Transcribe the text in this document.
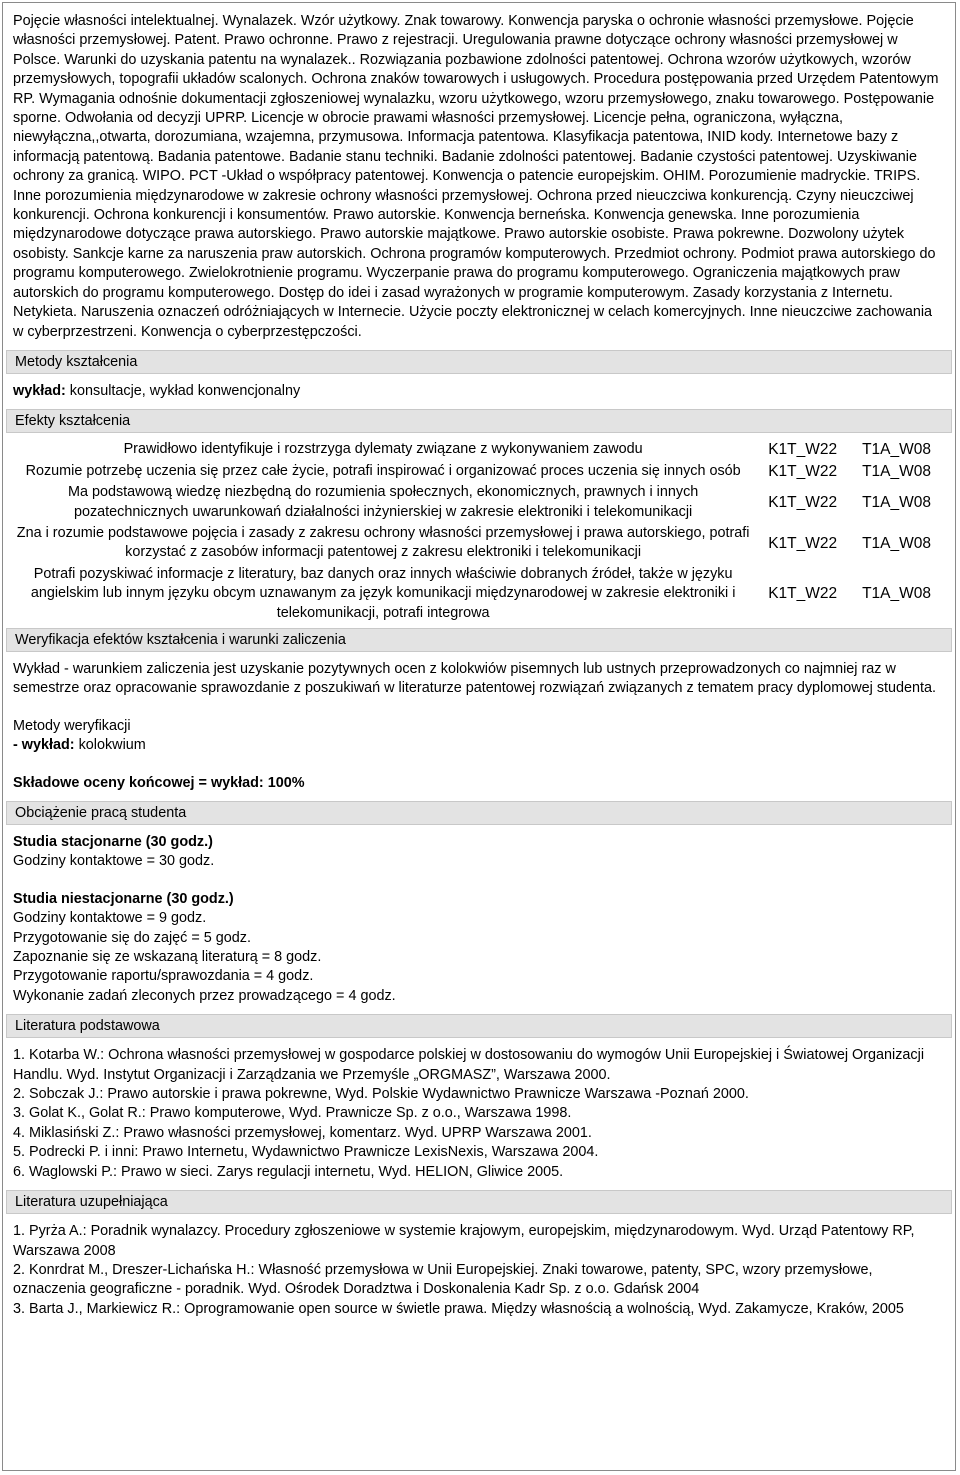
Pojęcie własności intelektualnej. Wynalazek. Wzór użytkowy. Znak towarowy. Konwencja paryska o ochronie własności przemysłowe. Pojęcie własności przemysłowej. Patent. Prawo ochronne. Prawo z rejestracji. Uregulowania prawne dotyczące ochrony własności przemysłowej w Polsce. Warunki do uzyskania patentu na wynalazek.. Rozwiązania pozbawione zdolności patentowej. Ochrona wzorów użytkowych, wzorów przemysłowych, topografii układów scalonych. Ochrona znaków towarowych i usługowych. Procedura postępowania przed Urzędem Patentowym RP. Wymagania odnośnie dokumentacji zgłoszeniowej wynalazku, wzoru użytkowego, wzoru przemysłowego, znaku towarowego. Postępowanie sporne. Odwołania od decyzji UPRP. Licencje w obrocie prawami własności przemysłowej. Licencje pełna, ograniczona, wyłączna, niewyłączna,,otwarta, dorozumiana, wzajemna, przymusowa. Informacja patentowa. Klasyfikacja patentowa, INID kody. Internetowe bazy z informacją patentową. Badania patentowe. Badanie stanu techniki. Badanie zdolności patentowej. Badanie czystości patentowej. Uzyskiwanie ochrony za granicą. WIPO. PCT -Układ o współpracy patentowej. Konwencja o patencie europejskim. OHIM. Porozumienie madryckie. TRIPS. Inne porozumienia międzynarodowe w zakresie ochrony własności przemysłowej. Ochrona przed nieuczciwa konkurencją. Czyny nieuczciwej konkurencji. Ochrona konkurencji i konsumentów. Prawo autorskie. Konwencja berneńska. Konwencja genewska. Inne porozumienia międzynarodowe dotyczące prawa autorskiego. Prawo autorskie majątkowe. Prawo autorskie osobiste. Prawa pokrewne. Dozwolony użytek osobisty. Sankcje karne za naruszenia praw autorskich. Ochrona programów komputerowych. Przedmiot ochrony. Podmiot prawa autorskiego do programu komputerowego. Zwielokrotnienie programu. Wyczerpanie prawa do programu komputerowego. Ograniczenia majątkowych praw autorskich do programu komputerowego. Dostęp do idei i zasad wyrażonych w programie komputerowym. Zasady korzystania z Internetu. Netykieta. Naruszenia oznaczeń odróżniających w Internecie. Użycie poczty elektronicznej w celach komercyjnych. Inne nieuczciwe zachowania w cyberprzestrzeni. Konwencja o cyberprzestępczości.

Metody kształcenia
wykład: konsultacje, wykład konwencjonalny
Efekty kształcenia
Prawidłowo identyfikuje i rozstrzyga dylematy związane z wykonywaniem zawodu	K1T_W22	T1A_W08
Rozumie potrzebę uczenia się przez całe życie, potrafi inspirować i organizować proces uczenia się innych osób	K1T_W22	T1A_W08
Ma podstawową wiedzę niezbędną do rozumienia społecznych, ekonomicznych, prawnych i innych pozatechnicznych uwarunkowań działalności inżynierskiej w zakresie elektroniki i telekomunikacji	K1T_W22	T1A_W08
Zna i rozumie podstawowe pojęcia i zasady z zakresu ochrony własności przemysłowej i prawa autorskiego, potrafi korzystać z zasobów informacji patentowej z zakresu elektroniki i telekomunikacji	K1T_W22	T1A_W08
Potrafi pozyskiwać informacje z literatury, baz danych oraz innych właściwie dobranych źródeł, także w języku angielskim lub innym języku obcym uznawanym za język komunikacji międzynarodowej w zakresie elektroniki i telekomunikacji, potrafi integrowa	K1T_W22	T1A_W08
Weryfikacja efektów kształcenia i warunki zaliczenia

Wykład - warunkiem zaliczenia jest uzyskanie pozytywnych ocen z kolokwiów pisemnych lub ustnych przeprowadzonych co najmniej raz w semestrze oraz opracowanie sprawozdanie z poszukiwań w literaturze patentowej rozwiązań związanych z tematem pracy dyplomowej studenta.

Metody weryfikacji
- wykład: kolokwium
Składowe oceny końcowej = wykład: 100%
Obciążenie pracą studenta
Studia stacjonarne (30 godz.)
Godziny kontaktowe = 30 godz.
Studia niestacjonarne (30 godz.)
Godziny kontaktowe = 9 godz.
Przygotowanie się do zajęć = 5 godz.
Zapoznanie się ze wskazaną literaturą = 8 godz.
Przygotowanie raportu/sprawozdania = 4 godz.
Wykonanie zadań zleconych przez prowadzącego = 4 godz.
Literatura podstawowa
1. Kotarba W.: Ochrona własności przemysłowej w gospodarce polskiej w dostosowaniu do wymogów Unii Europejskiej i Światowej Organizacji Handlu. Wyd. Instytut Organizacji i Zarządzania we Przemyśle „ORGMASZ”, Warszawa 2000.
2. Sobczak J.: Prawo autorskie i prawa pokrewne, Wyd. Polskie Wydawnictwo Prawnicze Warszawa -Poznań 2000.
3. Golat K., Golat R.: Prawo komputerowe, Wyd. Prawnicze Sp. z o.o., Warszawa 1998.
4. Miklasiński Z.: Prawo własności przemysłowej, komentarz. Wyd. UPRP Warszawa 2001.
5. Podrecki P. i inni: Prawo Internetu, Wydawnictwo Prawnicze LexisNexis, Warszawa 2004.
6. Waglowski P.: Prawo w sieci. Zarys regulacji internetu, Wyd. HELION, Gliwice 2005.
Literatura uzupełniająca
1. Pyrża A.: Poradnik wynalazcy. Procedury zgłoszeniowe w systemie krajowym, europejskim, międzynarodowym. Wyd. Urząd Patentowy RP, Warszawa 2008
2. Konrdrat M., Dreszer-Lichańska H.: Własność przemysłowa w Unii Europejskiej. Znaki towarowe, patenty, SPC, wzory przemysłowe, oznaczenia geograficzne - poradnik. Wyd. Ośrodek Doradztwa i Doskonalenia Kadr Sp. z o.o. Gdańsk 2004
3. Barta J., Markiewicz R.: Oprogramowanie open source w świetle prawa. Między własnością a wolnością, Wyd. Zakamycze, Kraków, 2005
